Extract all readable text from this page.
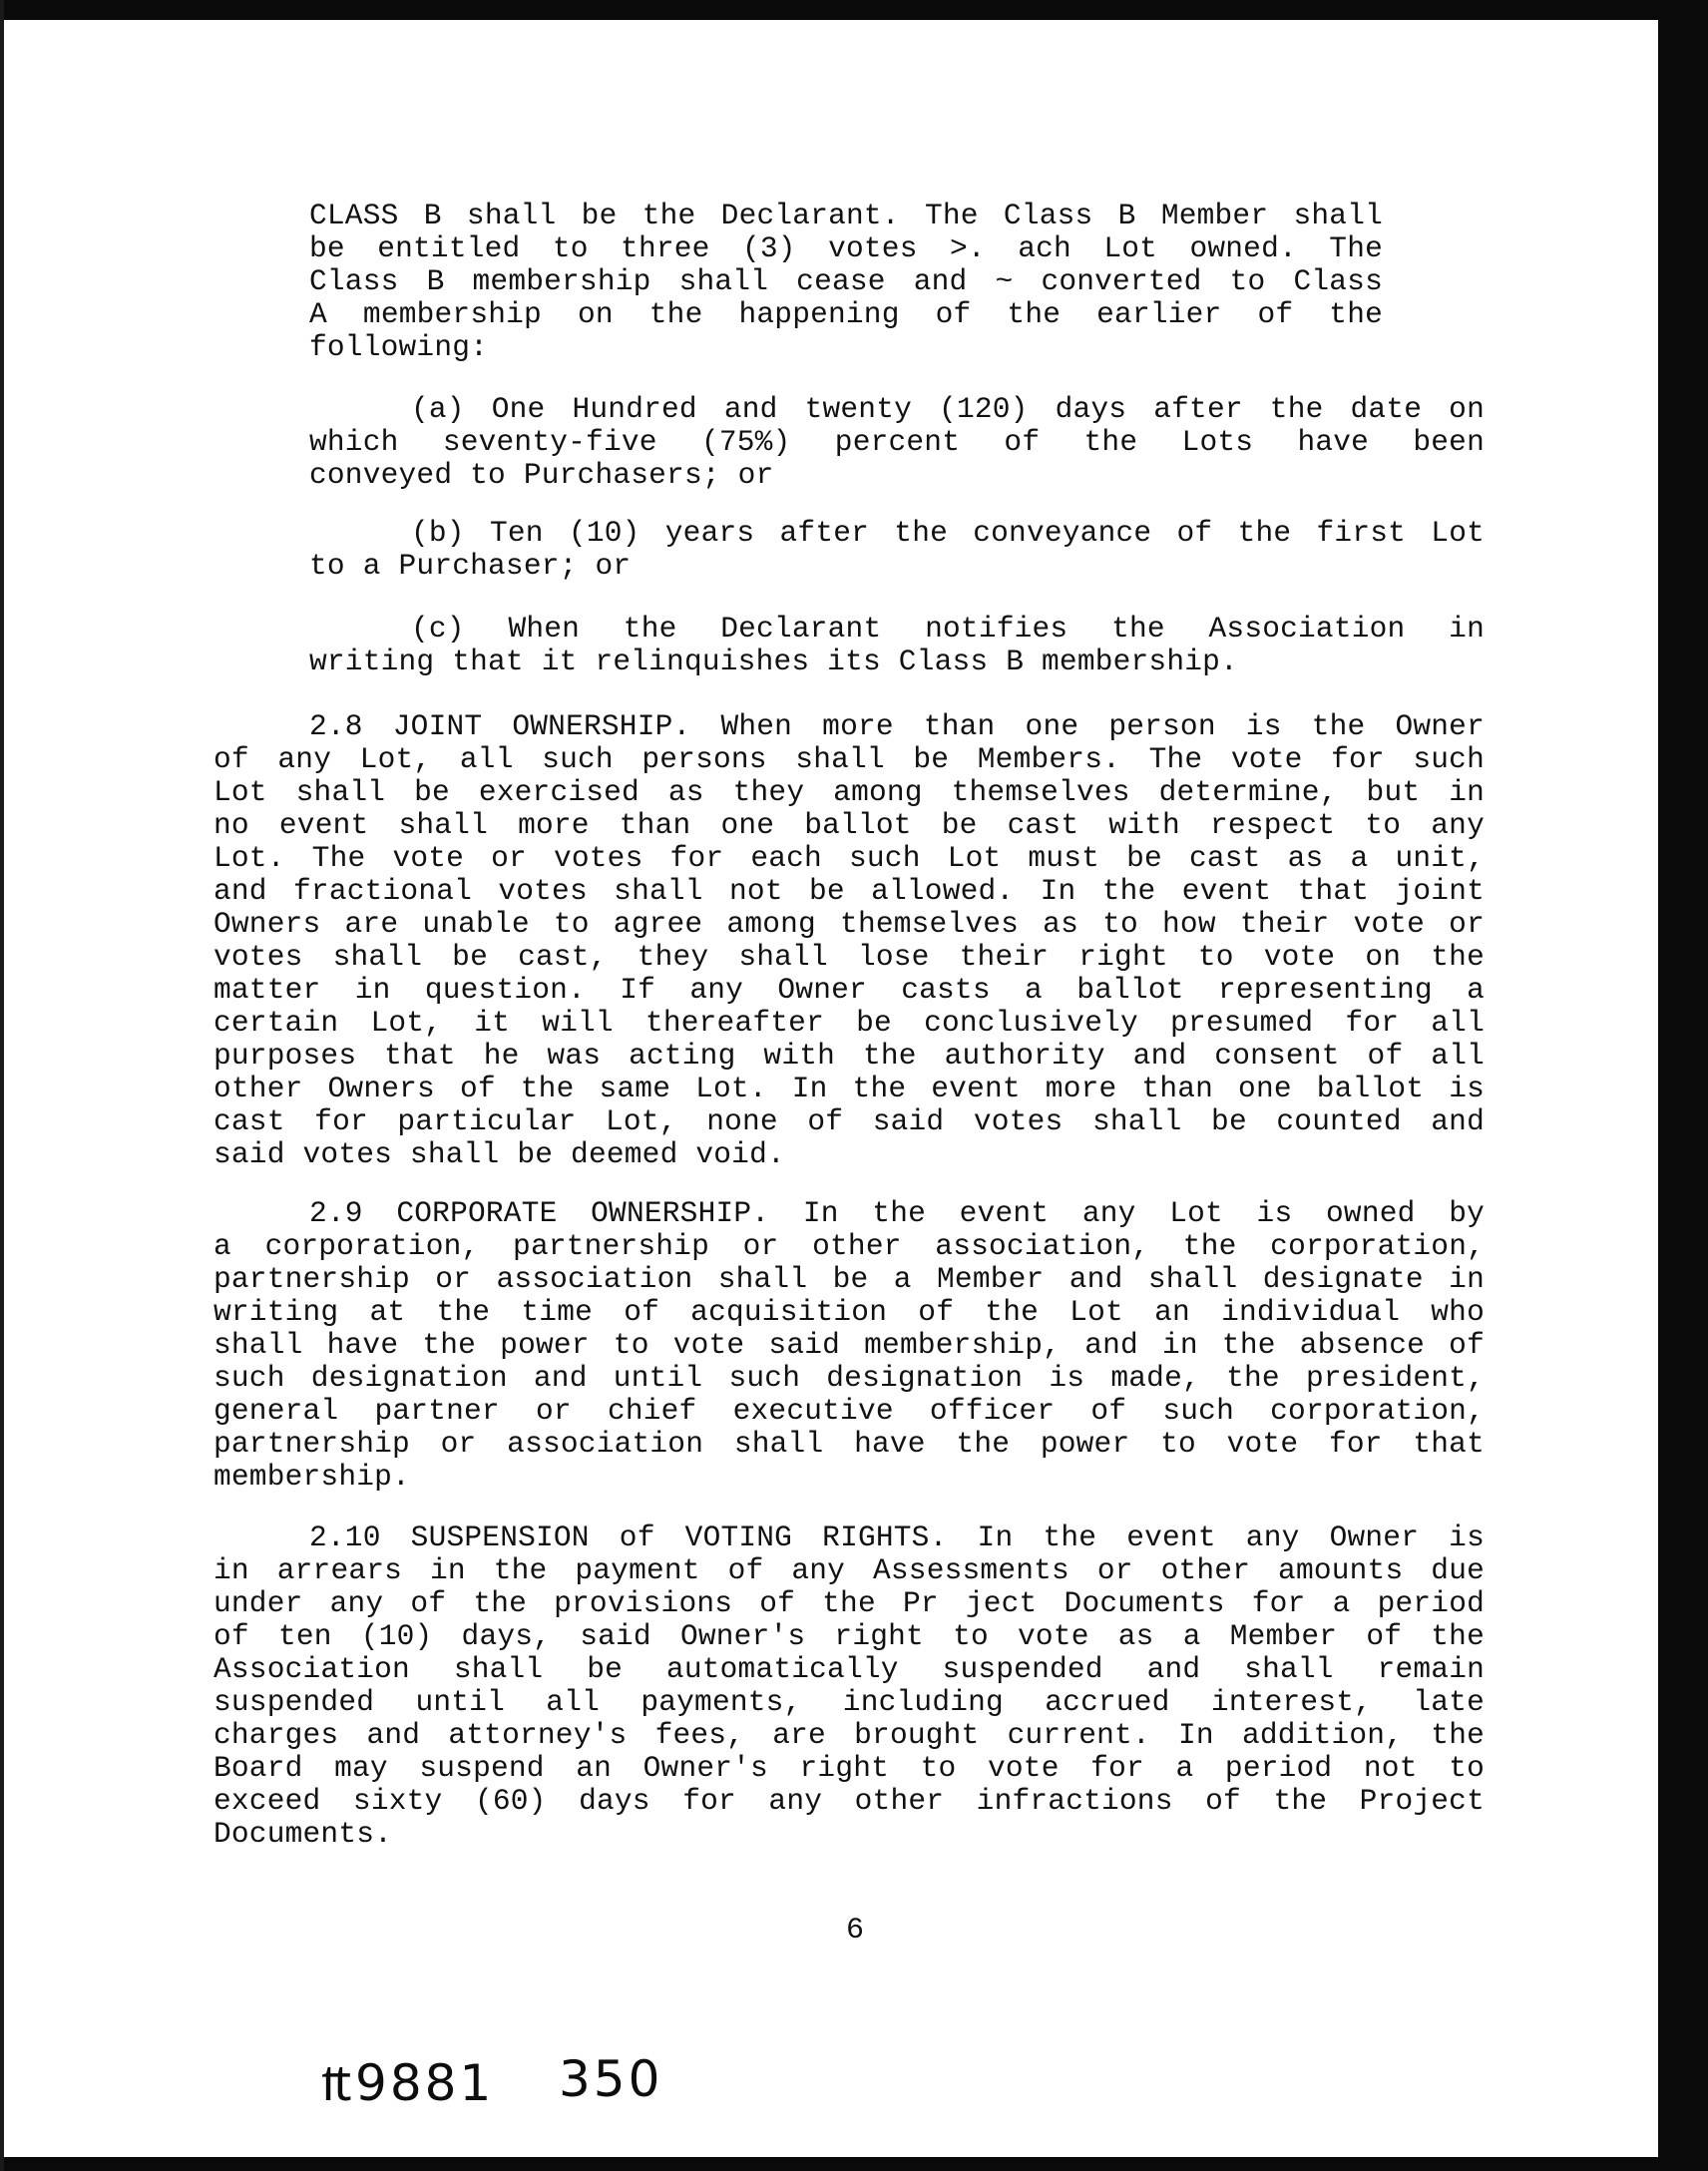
CLASS B shall be the Declarant. The Class B Member shall
be entitled to three (3) votes >. ach Lot owned. The
Class B membership shall cease and ~ converted to Class
A membership on the happening of the earlier of the
following:
(a) One Hundred and twenty (120) days after the date on
which seventy-five (75%) percent of the Lots have been
conveyed to Purchasers; or
(b) Ten (10) years after the conveyance of the first Lot
to a Purchaser; or
(c) When the Declarant notifies the Association in
writing that it relinquishes its Class B membership.
2.8 JOINT OWNERSHIP. When more than one person is the Owner
of any Lot, all such persons shall be Members. The vote for such
Lot shall be exercised as they among themselves determine, but in
no event shall more than one ballot be cast with respect to any
Lot. The vote or votes for each such Lot must be cast as a unit,
and fractional votes shall not be allowed. In the event that joint
Owners are unable to agree among themselves as to how their vote or
votes shall be cast, they shall lose their right to vote on the
matter in question. If any Owner casts a ballot representing a
certain Lot, it will thereafter be conclusively presumed for all
purposes that he was acting with the authority and consent of all
other Owners of the same Lot. In the event more than one ballot is
cast for particular Lot, none of said votes shall be counted and
said votes shall be deemed void.
2.9 CORPORATE OWNERSHIP. In the event any Lot is owned by
a corporation, partnership or other association, the corporation,
partnership or association shall be a Member and shall designate in
writing at the time of acquisition of the Lot an individual who
shall have the power to vote said membership, and in the absence of
such designation and until such designation is made, the president,
general partner or chief executive officer of such corporation,
partnership or association shall have the power to vote for that
membership.
2.10 SUSPENSION of VOTING RIGHTS. In the event any Owner is
in arrears in the payment of any Assessments or other amounts due
under any of the provisions of the Pr ject Documents for a period
of ten (10) days, said Owner's right to vote as a Member of the
Association shall be automatically suspended and shall remain
suspended until all payments, including accrued interest, late
charges and attorney's fees, are brought current. In addition, the
Board may suspend an Owner's right to vote for a period not to
exceed sixty (60) days for any other infractions of the Project
Documents.
6
₶9881 350
